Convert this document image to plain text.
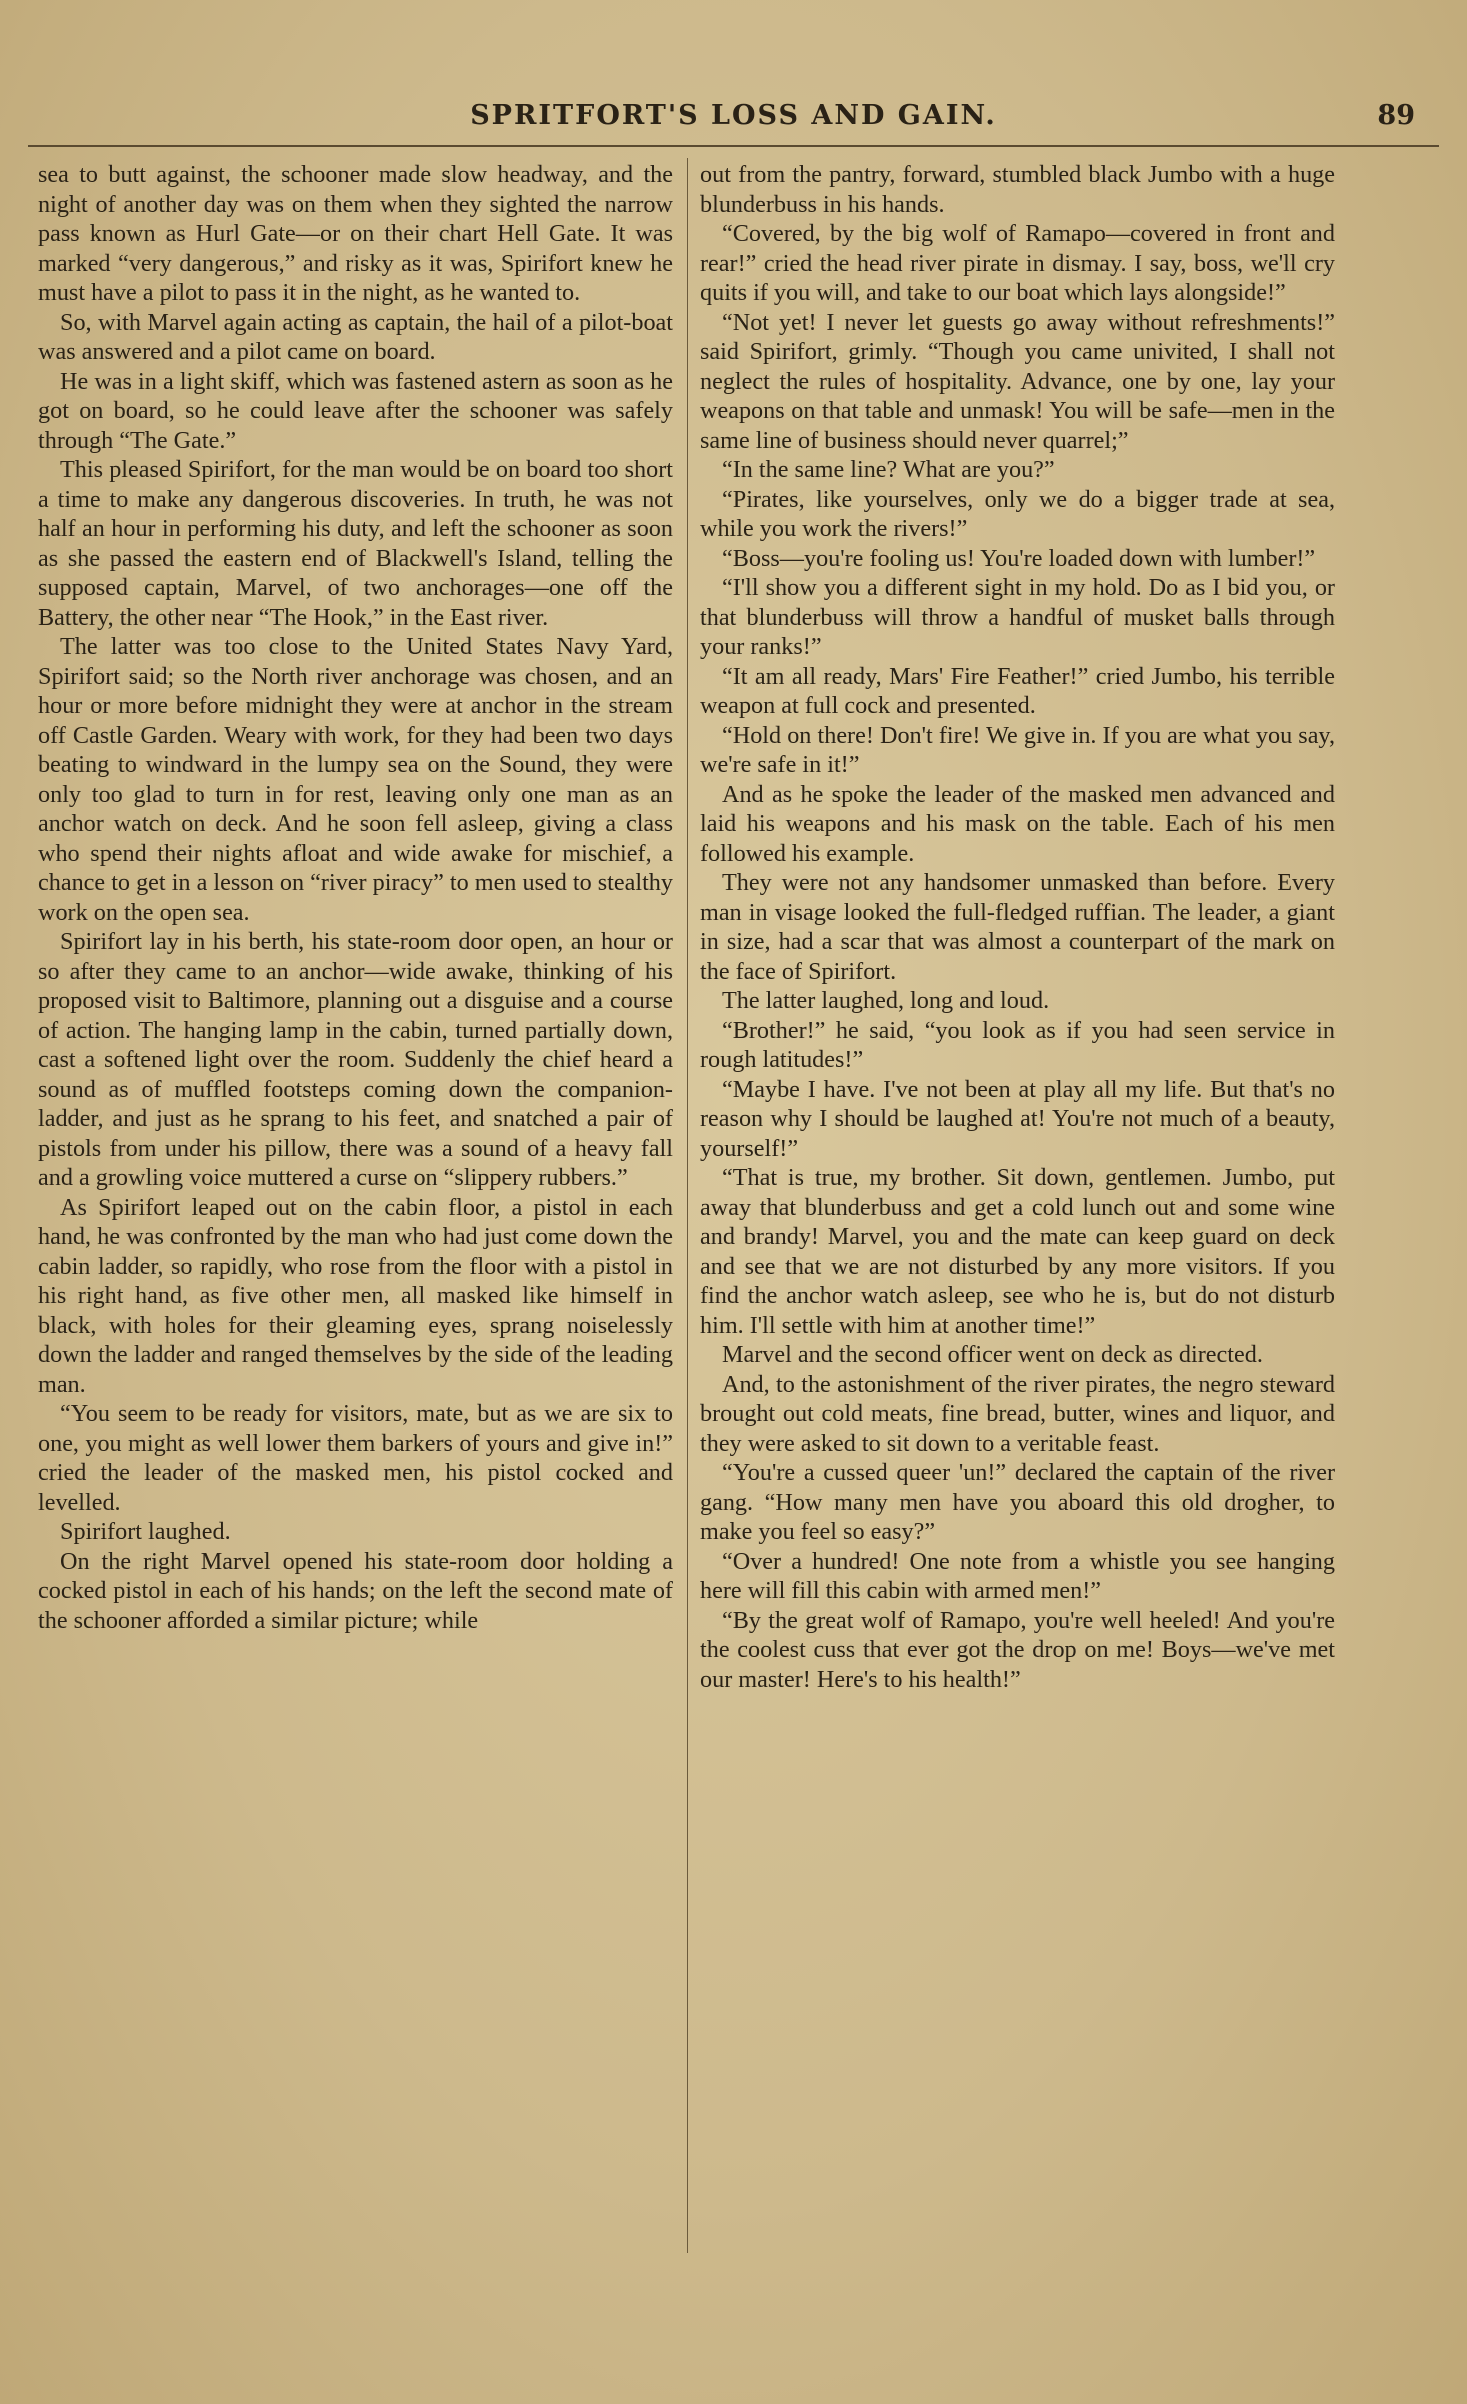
SPRITFORT'S LOSS AND GAIN.	89

sea to butt against, the schooner made slow headway, and the night of another day was on them when they sighted the narrow pass known as Hurl Gate—or on their chart Hell Gate. It was marked “very dangerous,” and risky as it was, Spirifort knew he must have a pilot to pass it in the night, as he wanted to.

So, with Marvel again acting as captain, the hail of a pilot-boat was answered and a pilot came on board.

He was in a light skiff, which was fastened astern as soon as he got on board, so he could leave after the schooner was safely through “The Gate.”

This pleased Spirifort, for the man would be on board too short a time to make any dangerous discoveries. In truth, he was not half an hour in performing his duty, and left the schooner as soon as she passed the eastern end of Blackwell's Island, telling the supposed captain, Marvel, of two anchorages—one off the Battery, the other near “The Hook,” in the East river.

The latter was too close to the United States Navy Yard, Spirifort said; so the North river anchorage was chosen, and an hour or more before midnight they were at anchor in the stream off Castle Garden. Weary with work, for they had been two days beating to windward in the lumpy sea on the Sound, they were only too glad to turn in for rest, leaving only one man as an anchor watch on deck. And he soon fell asleep, giving a class who spend their nights afloat and wide awake for mischief, a chance to get in a lesson on “river piracy” to men used to stealthy work on the open sea.

Spirifort lay in his berth, his state-room door open, an hour or so after they came to an anchor—wide awake, thinking of his proposed visit to Baltimore, planning out a disguise and a course of action. The hanging lamp in the cabin, turned partially down, cast a softened light over the room. Suddenly the chief heard a sound as of muffled footsteps coming down the companion-ladder, and just as he sprang to his feet, and snatched a pair of pistols from under his pillow, there was a sound of a heavy fall and a growling voice muttered a curse on “slippery rubbers.”

As Spirifort leaped out on the cabin floor, a pistol in each hand, he was confronted by the man who had just come down the cabin ladder, so rapidly, who rose from the floor with a pistol in his right hand, as five other men, all masked like himself in black, with holes for their gleaming eyes, sprang noiselessly down the ladder and ranged themselves by the side of the leading man.

“You seem to be ready for visitors, mate, but as we are six to one, you might as well lower them barkers of yours and give in!” cried the leader of the masked men, his pistol cocked and levelled.

Spirifort laughed.

On the right Marvel opened his state-room door holding a cocked pistol in each of his hands; on the left the second mate of the schooner afforded a similar picture; while

out from the pantry, forward, stumbled black Jumbo with a huge blunderbuss in his hands.

“Covered, by the big wolf of Ramapo—covered in front and rear!” cried the head river pirate in dismay. I say, boss, we'll cry quits if you will, and take to our boat which lays alongside!”

“Not yet! I never let guests go away without refreshments!” said Spirifort, grimly. “Though you came univited, I shall not neglect the rules of hospitality. Advance, one by one, lay your weapons on that table and unmask! You will be safe—men in the same line of business should never quarrel;”

“In the same line? What are you?”

“Pirates, like yourselves, only we do a bigger trade at sea, while you work the rivers!”

“Boss—you're fooling us! You're loaded down with lumber!”

“I'll show you a different sight in my hold. Do as I bid you, or that blunderbuss will throw a handful of musket balls through your ranks!”

“It am all ready, Mars' Fire Feather!” cried Jumbo, his terrible weapon at full cock and presented.

“Hold on there! Don't fire! We give in. If you are what you say, we're safe in it!”

And as he spoke the leader of the masked men advanced and laid his weapons and his mask on the table. Each of his men followed his example.

They were not any handsomer unmasked than before. Every man in visage looked the full-fledged ruffian. The leader, a giant in size, had a scar that was almost a counterpart of the mark on the face of Spirifort.

The latter laughed, long and loud.

“Brother!” he said, “you look as if you had seen service in rough latitudes!”

“Maybe I have. I've not been at play all my life. But that's no reason why I should be laughed at! You're not much of a beauty, yourself!”

“That is true, my brother. Sit down, gentlemen. Jumbo, put away that blunderbuss and get a cold lunch out and some wine and brandy! Marvel, you and the mate can keep guard on deck and see that we are not disturbed by any more visitors. If you find the anchor watch asleep, see who he is, but do not disturb him. I'll settle with him at another time!”

Marvel and the second officer went on deck as directed.

And, to the astonishment of the river pirates, the negro steward brought out cold meats, fine bread, butter, wines and liquor, and they were asked to sit down to a veritable feast.

“You're a cussed queer 'un!” declared the captain of the river gang. “How many men have you aboard this old drogher, to make you feel so easy?”

“Over a hundred! One note from a whistle you see hanging here will fill this cabin with armed men!”

“By the great wolf of Ramapo, you're well heeled! And you're the coolest cuss that ever got the drop on me! Boys—we've met our master! Here's to his health!”
